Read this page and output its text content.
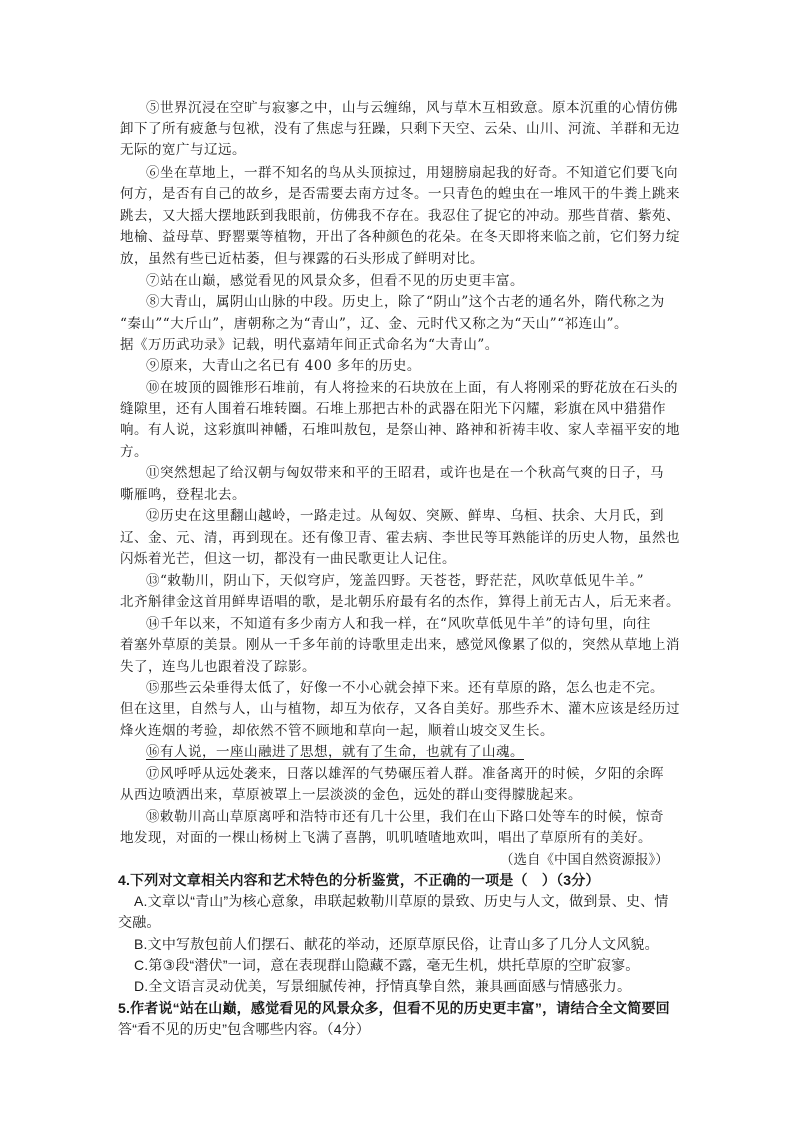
⑤世界沉浸在空旷与寂寥之中，山与云缠绵，风与草木互相致意。原本沉重的心情仿佛
卸下了所有疲惫与包袱，没有了焦虑与狂躁，只剩下天空、云朵、山川、河流、羊群和无边
无际的宽广与辽远。
⑥坐在草地上，一群不知名的鸟从头顶掠过，用翅膀扇起我的好奇。不知道它们要飞向
何方，是否有自己的故乡，是否需要去南方过冬。一只青色的蝗虫在一堆风干的牛粪上跳来
跳去，又大摇大摆地跃到我眼前，仿佛我不存在。我忍住了捉它的冲动。那些苜蓿、紫苑、
地榆、益母草、野罂粟等植物，开出了各种颜色的花朵。在冬天即将来临之前，它们努力绽
放，虽然有些已近枯萎，但与裸露的石头形成了鲜明对比。
⑦站在山巅，感觉看见的风景众多，但看不见的历史更丰富。
⑧大青山，属阴山山脉的中段。历史上，除了“阴山”这个古老的通名外，隋代称之为
“秦山”“大斤山”，唐朝称之为“青山”，辽、金、元时代又称之为“天山”“祁连山”。
据《万历武功录》记载，明代嘉靖年间正式命名为“大青山”。
⑨原来，大青山之名已有 400 多年的历史。
⑩在坡顶的圆锥形石堆前，有人将捡来的石块放在上面，有人将刚采的野花放在石头的
缝隙里，还有人围着石堆转圈。石堆上那把古朴的武器在阳光下闪耀，彩旗在风中猎猎作
响。有人说，这彩旗叫神幡，石堆叫敖包，是祭山神、路神和祈祷丰收、家人幸福平安的地
方。
⑪突然想起了给汉朝与匈奴带来和平的王昭君，或许也是在一个秋高气爽的日子，马
嘶雁鸣，登程北去。
⑫历史在这里翻山越岭，一路走过。从匈奴、突厥、鲜卑、乌桓、扶余、大月氏，到
辽、金、元、清，再到现在。还有像卫青、霍去病、李世民等耳熟能详的历史人物，虽然也
闪烁着光芒，但这一切，都没有一曲民歌更让人记住。
⑬“敕勒川，阴山下，天似穹庐，笼盖四野。天苍苍，野茫茫，风吹草低见牛羊。”
北齐斛律金这首用鲜卑语唱的歌，是北朝乐府最有名的杰作，算得上前无古人，后无来者。
⑭千年以来，不知道有多少南方人和我一样，在“风吹草低见牛羊”的诗句里，向往
着塞外草原的美景。刚从一千多年前的诗歌里走出来，感觉风像累了似的，突然从草地上消
失了，连鸟儿也跟着没了踪影。
⑮那些云朵垂得太低了，好像一不小心就会掉下来。还有草原的路，怎么也走不完。
但在这里，自然与人，山与植物，却互为依存，又各自美好。那些乔木、灌木应该是经历过
烽火连烟的考验，却依然不管不顾地和草向一起，顺着山坡交叉生长。
⑯有人说，一座山融进了思想，就有了生命，也就有了山魂。
⑰风呼呼从远处袭来，日落以雄浑的气势碾压着人群。准备离开的时候，夕阳的余晖
从西边喷洒出来，草原被罩上一层淡淡的金色，远处的群山变得朦胧起来。
⑱敕勒川高山草原离呼和浩特市还有几十公里，我们在山下路口处等车的时候，惊奇
地发现，对面的一棵山杨树上飞满了喜鹊，叽叽喳喳地欢叫，唱出了草原所有的美好。
（选自《中国自然资源报》）
4.下列对文章相关内容和艺术特色的分析鉴赏，不正确的一项是（　）（3分）
A.文章以“青山”为核心意象，串联起敕勒川草原的景致、历史与人文，做到景、史、情
交融。
B.文中写敖包前人们摆石、献花的举动，还原草原民俗，让青山多了几分人文风貌。
C.第③段“潜伏”一词，意在表现群山隐藏不露，毫无生机，烘托草原的空旷寂寥。
D.全文语言灵动优美，写景细腻传神，抒情真挚自然，兼具画面感与情感张力。
5.作者说“站在山巅，感觉看见的风景众多，但看不见的历史更丰富”，请结合全文简要回
答“看不见的历史”包含哪些内容。（4分）
